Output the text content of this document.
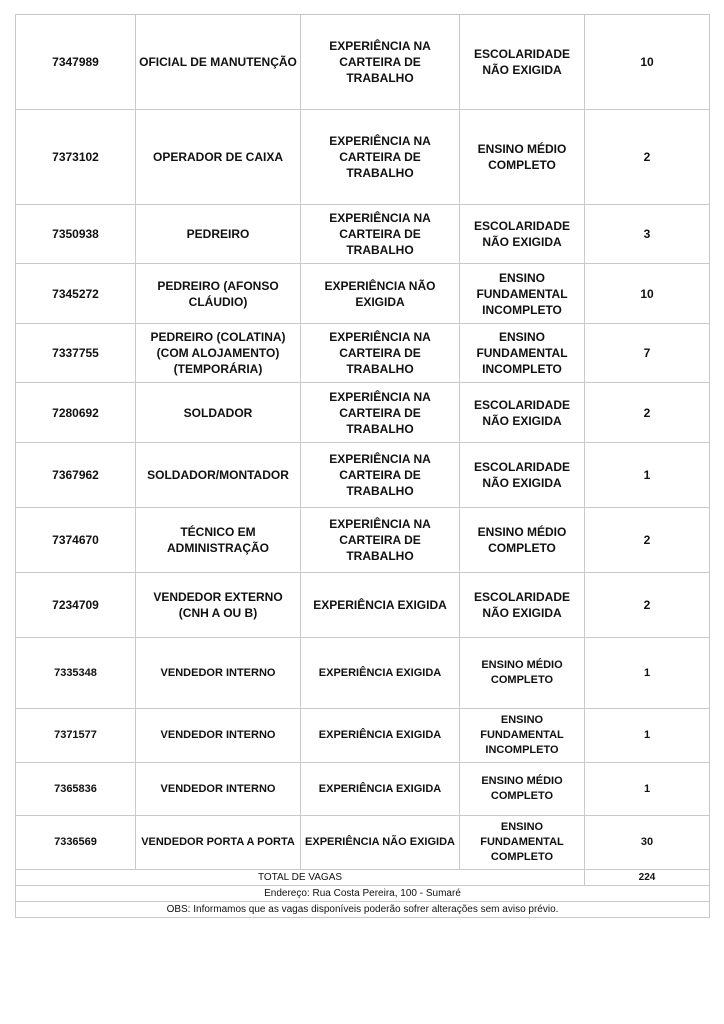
7347989	OFICIAL DE MANUTENÇÃO	EXPERIÊNCIA NA CARTEIRA DE TRABALHO	ESCOLARIDADE NÃO EXIGIDA	10
7373102	OPERADOR DE CAIXA	EXPERIÊNCIA NA CARTEIRA DE TRABALHO	ENSINO MÉDIO COMPLETO	2
7350938	PEDREIRO	EXPERIÊNCIA NA CARTEIRA DE TRABALHO	ESCOLARIDADE NÃO EXIGIDA	3
7345272	PEDREIRO (AFONSO CLÁUDIO)	EXPERIÊNCIA NÃO EXIGIDA	ENSINO FUNDAMENTAL INCOMPLETO	10
7337755	PEDREIRO (COLATINA) (COM ALOJAMENTO) (TEMPORÁRIA)	EXPERIÊNCIA NA CARTEIRA DE TRABALHO	ENSINO FUNDAMENTAL INCOMPLETO	7
7280692	SOLDADOR	EXPERIÊNCIA NA CARTEIRA DE TRABALHO	ESCOLARIDADE NÃO EXIGIDA	2
7367962	SOLDADOR/MONTADOR	EXPERIÊNCIA NA CARTEIRA DE TRABALHO	ESCOLARIDADE NÃO EXIGIDA	1
7374670	TÉCNICO EM ADMINISTRAÇÃO	EXPERIÊNCIA NA CARTEIRA DE TRABALHO	ENSINO MÉDIO COMPLETO	2
7234709	VENDEDOR EXTERNO (CNH A OU B)	EXPERIÊNCIA EXIGIDA	ESCOLARIDADE NÃO EXIGIDA	2
7335348	VENDEDOR INTERNO	EXPERIÊNCIA EXIGIDA	ENSINO MÉDIO COMPLETO	1
7371577	VENDEDOR INTERNO	EXPERIÊNCIA EXIGIDA	ENSINO FUNDAMENTAL INCOMPLETO	1
7365836	VENDEDOR INTERNO	EXPERIÊNCIA EXIGIDA	ENSINO MÉDIO COMPLETO	1
7336569	VENDEDOR PORTA A PORTA	EXPERIÊNCIA NÃO EXIGIDA	ENSINO FUNDAMENTAL COMPLETO	30
TOTAL DE VAGAS				224
Endereço: Rua Costa Pereira, 100 - Sumaré				
OBS: Informamos que as vagas disponíveis poderão sofrer alterações sem aviso prévio.				
